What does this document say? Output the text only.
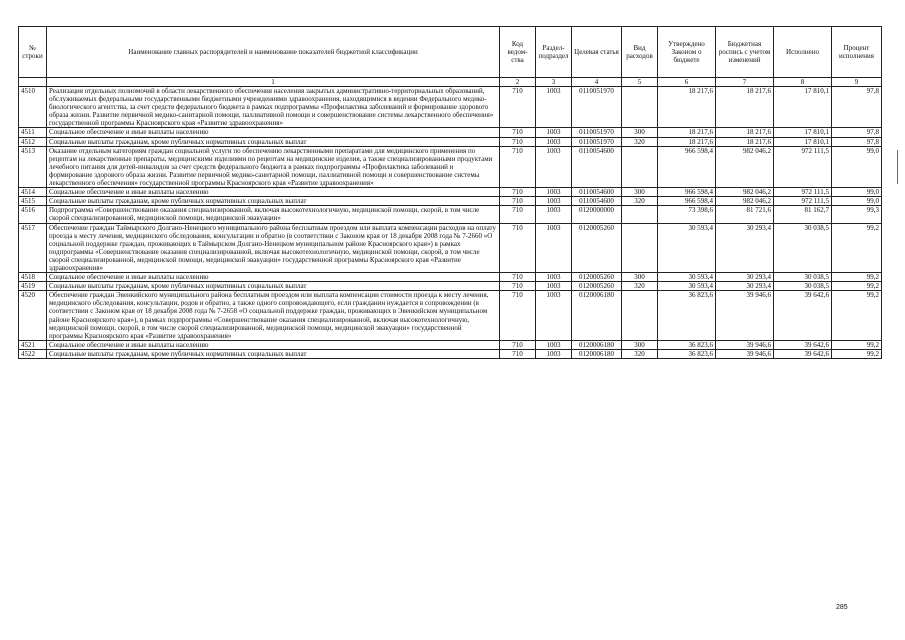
№ строки	Наименование главных распорядителей и наименование показателей бюджетной классификации	Код ведом-ства	Раздел-подраздел	Целевая статья	Вид расходов	Утверждено Законом о бюджете	Бюджетная роспись с учетом изменений	Исполнено	Процент исполнения
	1	2	3	4	5	6	7	8	9
4510	Реализация отдельных полномочий в области лекарственного обеспечения населения закрытых административно-территориальных образований, обслуживаемых федеральными государственными бюджетными учреждениями здравоохранения, находящимися в ведении Федерального медико-биологического агентства, за счет средств федерального бюджета в рамках подпрограммы «Профилактика заболеваний и формирование здорового образа жизни. Развитие первичной медико-санитарной помощи, паллиативной помощи и совершенствование системы лекарственного обеспечения» государственной программы Красноярского края «Развитие здравоохранения»	710	1003	0110051970		18 217,6	18 217,6	17 810,1	97,8
4511	Социальное обеспечение и иные выплаты населению	710	1003	0110051970	300	18 217,6	18 217,6	17 810,1	97,8
4512	Социальные выплаты гражданам, кроме публичных нормативных социальных выплат	710	1003	0110051970	320	18 217,6	18 217,6	17 810,1	97,8
4513	Оказание отдельным категориям граждан социальной услуги по обеспечению лекарственными препаратами для медицинского применения по рецептам на лекарственные препараты, медицинскими изделиями по рецептам на медицинские изделия, а также специализированными продуктами лечебного питания для детей-инвалидов за счет средств федерального бюджета в рамках подпрограммы «Профилактика заболеваний и формирование здорового образа жизни. Развитие первичной медико-санитарной помощи, паллиативной помощи и совершенствование системы лекарственного обеспечения» государственной программы Красноярского края «Развитие здравоохранения»	710	1003	0110054600		966 598,4	982 046,2	972 111,5	99,0
4514	Социальное обеспечение и иные выплаты населению	710	1003	0110054600	300	966 598,4	982 046,2	972 111,5	99,0
4515	Социальные выплаты гражданам, кроме публичных нормативных социальных выплат	710	1003	0110054600	320	966 598,4	982 046,2	972 111,5	99,0
4516	Подпрограмма «Совершенствование оказания специализированной, включая высокотехнологичную, медицинской помощи, скорой, в том числе скорой специализированной, медицинской помощи, медицинской эвакуации»	710	1003	0120000000		73 398,6	81 721,6	81 162,7	99,3
4517	Обеспечение граждан Таймырского Долгано-Ненецкого муниципального района бесплатным проездом или выплата компенсации расходов на оплату проезда к месту лечения, медицинского обследования, консультации и обратно (в соответствии с Законом края от 18 декабря 2008 года № 7-2660 «О социальной поддержке граждан, проживающих в Таймырском Долгано-Ненецком муниципальном районе Красноярского края») в рамках подпрограммы «Совершенствование оказания специализированной, включая высокотехнологичную, медицинской помощи, скорой, в том числе скорой специализированной, медицинской помощи, медицинской эвакуации» государственной программы Красноярского края «Развитие здравоохранения»	710	1003	0120005260		30 593,4	30 293,4	30 038,5	99,2
4518	Социальное обеспечение и иные выплаты населению	710	1003	0120005260	300	30 593,4	30 293,4	30 038,5	99,2
4519	Социальные выплаты гражданам, кроме публичных нормативных социальных выплат	710	1003	0120005260	320	30 593,4	30 293,4	30 038,5	99,2
4520	Обеспечение граждан Эвенкийского муниципального района бесплатным проездом или выплата компенсации стоимости проезда к месту лечения, медицинского обследования, консультации, родов и обратно, а также одного сопровождающего, если гражданин нуждается в сопровождении (в соответствии с Законом края от 18 декабря 2008 года № 7-2658 «О социальной поддержке граждан, проживающих в Эвенкийском муниципальном районе Красноярского края»), в рамках подпрограммы «Совершенствование оказания специализированной, включая высокотехнологичную, медицинской помощи, скорой, в том числе скорой специализированной, медицинской помощи, медицинской эвакуации» государственной программы Красноярского края «Развитие здравоохранения»	710	1003	0120006180		36 823,6	39 946,6	39 642,6	99,2
4521	Социальное обеспечение и иные выплаты населению	710	1003	0120006180	300	36 823,6	39 946,6	39 642,6	99,2
4522	Социальные выплаты гражданам, кроме публичных нормативных социальных выплат	710	1003	0120006180	320	36 823,6	39 946,6	39 642,6	99,2
285
